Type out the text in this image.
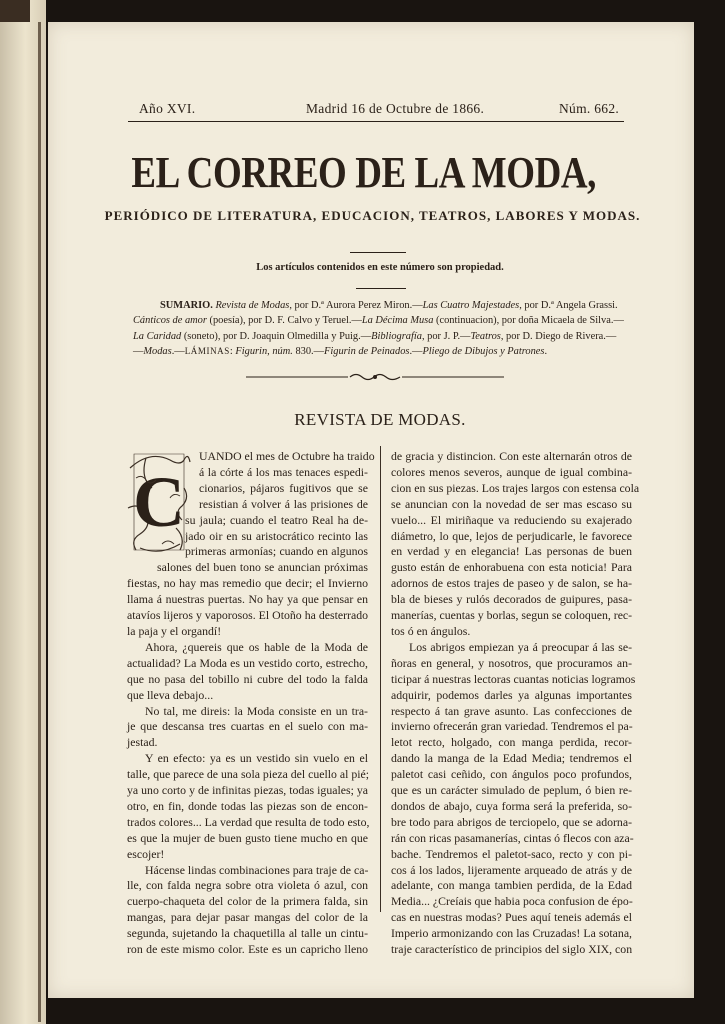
Año XVI.	Madrid 16 de Octubre de 1866.	Núm. 662.
EL CORREO DE LA MODA,
PERIÓDICO DE LITERATURA, EDUCACION, TEATROS, LABORES Y MODAS.
Los artículos contenidos en este número son propiedad.
SUMARIO. Revista de Modas, por D.ª Aurora Perez Miron.—Las Cuatro Majestades, por D.ª Angela Grassi.
Cánticos de amor (poesía), por D. F. Calvo y Teruel.—La Décima Musa (continuacion), por doña Micaela de Silva.—
La Caridad (soneto), por D. Joaquin Olmedilla y Puig.—Bibliografía, por J. P.—Teatros, por D. Diego de Rivera.—
—Modas.—LÁMINAS: Figurin, núm. 830.—Figurin de Peinados.—Pliego de Dibujos y Patrones.
REVISTA DE MODAS.
C
UANDO el mes de Octubre ha traido
á la córte á los mas tenaces espedi-
cionarios, pájaros fugitivos que se
resistian á volver á las prisiones de
su jaula; cuando el teatro Real ha de-
jado oir en su aristocrático recinto las
primeras armonías; cuando en algunos
salones del buen tono se anuncian próximas
fiestas, no hay mas remedio que decir; el Invierno
llama á nuestras puertas. No hay ya que pensar en
atavíos lijeros y vaporosos. El Otoño ha desterrado
la paja y el organdí!
Ahora, ¿quereis que os hable de la Moda de
actualidad? La Moda es un vestido corto, estrecho,
que no pasa del tobillo ni cubre del todo la falda
que lleva debajo...
No tal, me direis: la Moda consiste en un tra-
je que descansa tres cuartas en el suelo con ma-
jestad.
Y en efecto: ya es un vestido sin vuelo en el
talle, que parece de una sola pieza del cuello al pié;
ya uno corto y de infinitas piezas, todas iguales; ya
otro, en fin, donde todas las piezas son de encon-
trados colores... La verdad que resulta de todo esto,
es que la mujer de buen gusto tiene mucho en que
escojer!
Hácense lindas combinaciones para traje de ca-
lle, con falda negra sobre otra violeta ó azul, con
cuerpo-chaqueta del color de la primera falda, sin
mangas, para dejar pasar mangas del color de la
segunda, sujetando la chaquetilla al talle un cintu-
ron de este mismo color. Este es un capricho lleno
de gracia y distincion. Con este alternarán otros de
colores menos severos, aunque de igual combina-
cion en sus piezas. Los trajes largos con estensa cola
se anuncian con la novedad de ser mas escaso su
vuelo... El miriñaque va reduciendo su exajerado
diámetro, lo que, lejos de perjudicarle, le favorece
en verdad y en elegancia! Las personas de buen
gusto están de enhorabuena con esta noticia! Para
adornos de estos trajes de paseo y de salon, se ha-
bla de bieses y rulós decorados de guipures, pasa-
manerías, cuentas y borlas, segun se coloquen, rec-
tos ó en ángulos.
Los abrigos empiezan ya á preocupar á las se-
ñoras en general, y nosotros, que procuramos an-
ticipar á nuestras lectoras cuantas noticias logramos
adquirir, podemos darles ya algunas importantes
respecto á tan grave asunto. Las confecciones de
invierno ofrecerán gran variedad. Tendremos el pa-
letot recto, holgado, con manga perdida, recor-
dando la manga de la Edad Media; tendremos el
paletot casi ceñido, con ángulos poco profundos,
que es un carácter simulado de peplum, ó bien re-
dondos de abajo, cuya forma será la preferida, so-
bre todo para abrigos de terciopelo, que se adorna-
rán con ricas pasamanerías, cintas ó flecos con aza-
bache. Tendremos el paletot-saco, recto y con pi-
cos á los lados, lijeramente arqueado de atrás y de
adelante, con manga tambien perdida, de la Edad
Media... ¿Creíais que habia poca confusion de épo-
cas en nuestras modas? Pues aquí teneis además el
Imperio armonizando con las Cruzadas! La sotana,
traje característico de principios del siglo XIX, con
